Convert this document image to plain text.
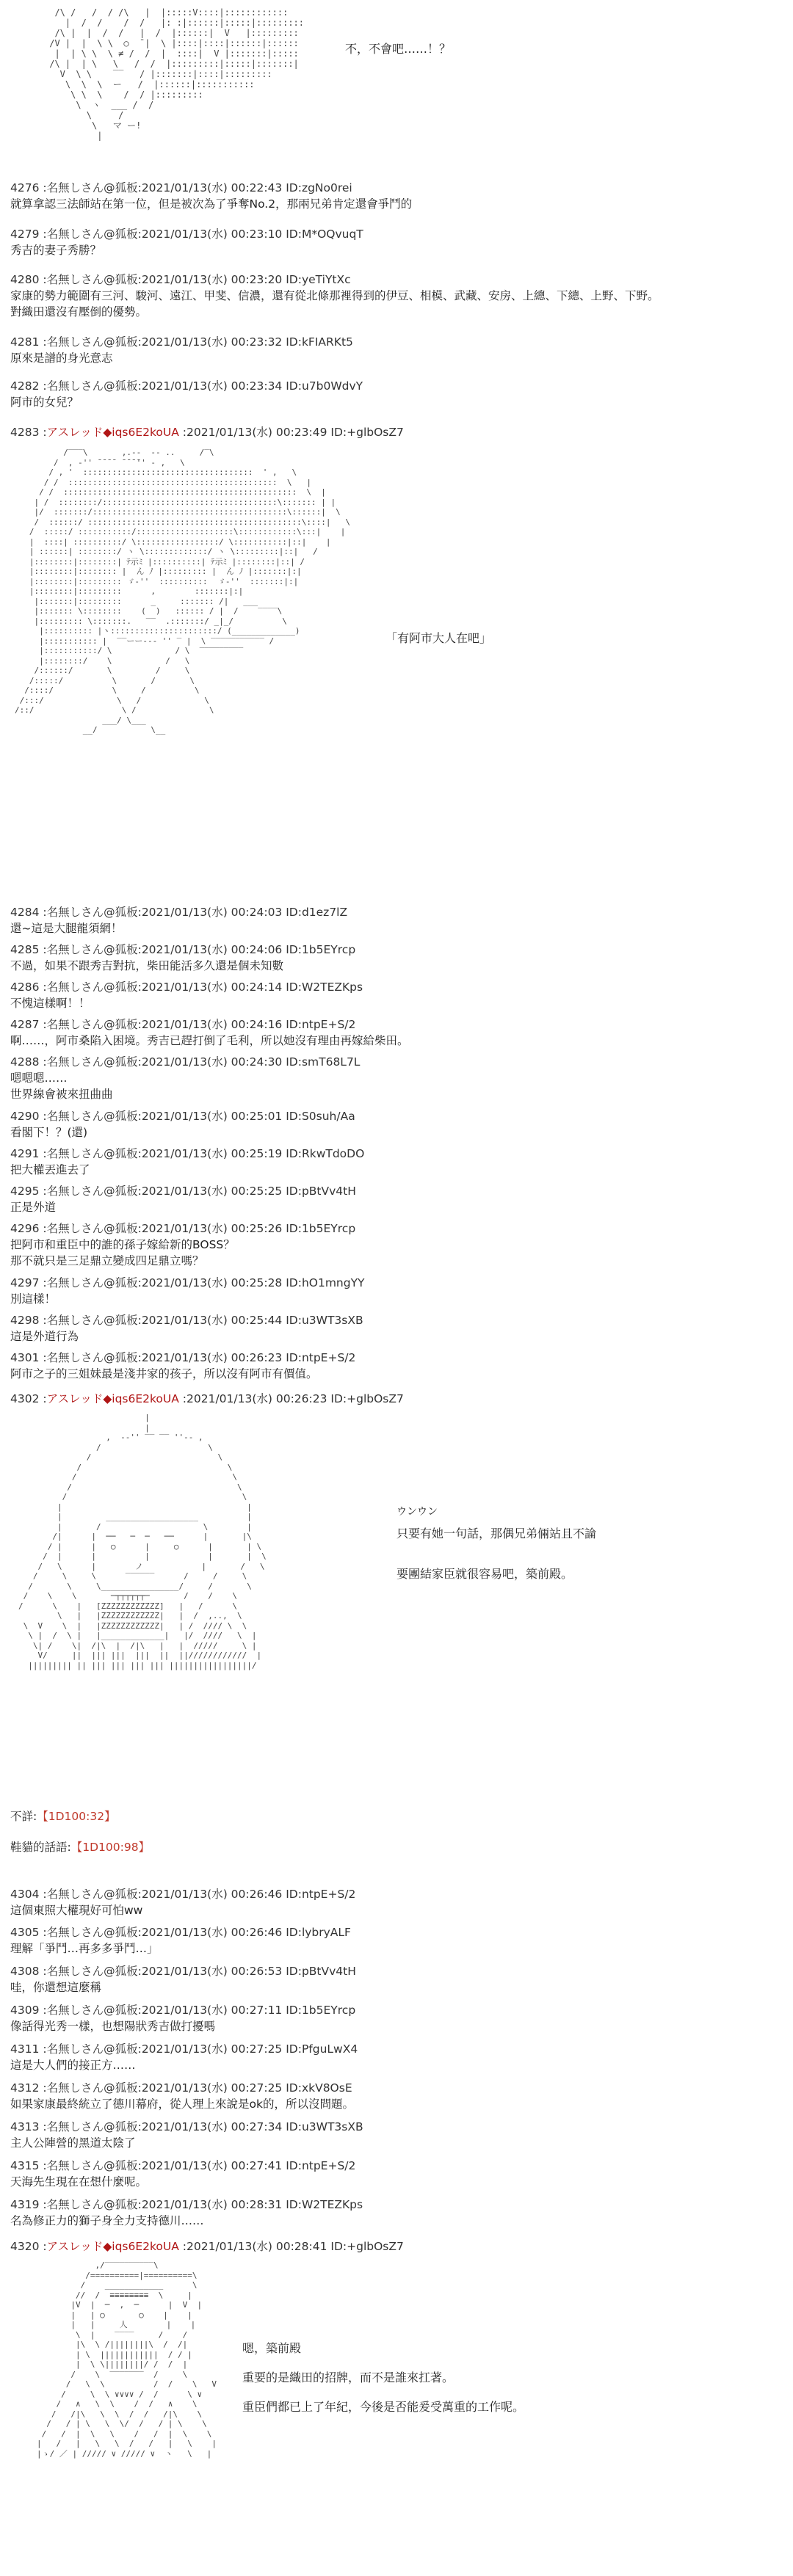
/\ /   /  / /\   |  |:::::V::::|::::::::::::
|  /  /    /  /   |: :|::::::|:::::|:::::::::
/\ |  |  /  /   |  /  |::::::|  V   |:::::::::
/V |  |  \ \  ○  ̄ |  \ |::::|::::|::::::|::::::
|  | \ \  \ ≠ /  /  |  ::::|  V |:::::::|:::::
/\ |  | \   \   /  /  |:::::::::|:::::|:::::::|
V  \ \    ‾‾   / |:::::::|::::|:::::::::
\  \  \  ー   /  |::::::|:::::::::::
\ \  \    /  / |:::::::::
\  ヽ  ___ /  /
\     /
\   マ ー!
|

不，不會吧……！？
4276 :名無しさん@狐板:2021/01/13(水) 00:22:43 ID:zgNo0rei
就算拿認三法師站在第一位，但是被次為了爭奪No.2，那兩兄弟肯定還會爭鬥的
4279 :名無しさん@狐板:2021/01/13(水) 00:23:10 ID:M*OQvuqT
秀吉的妻子秀勝？
4280 :名無しさん@狐板:2021/01/13(水) 00:23:20 ID:yeTiYtXc
家康的勢力範圍有三河、駿河、遠江、甲斐、信濃，還有從北條那裡得到的伊豆、相模、武藏、安房、上總、下總、上野、下野。
對織田還沒有壓倒的優勢。
4281 :名無しさん@狐板:2021/01/13(水) 00:23:32 ID:kFIARKt5
原來是譜的身光意志
4282 :名無しさん@狐板:2021/01/13(水) 00:23:34 ID:u7b0WdvY
阿市的女兒？
4283 :アスレッド◆iqs6E2koUA :2021/01/13(水) 00:23:49 ID:+glbOsZ7
/‾‾‾\       ,.-‐  ‐- ..     /‾\
/  , ‐'' ̄ ̄ ̄ ̄  ̄ ̄ ̄ ̄'' ‐ ,   \
/ , '  :::::::::::::::::::::::::::::::::::  ' ,   \
/ /  :::::::::::::::::::::::::::::::::::::::::::  \   |
/ /  ::::::::::::::::::::::::::::::::::::::::::::::::  \  |
| /  ::::::::/::::::::::::::::::::::::::::::::::::\::::::: | |
|/  :::::::/::::::::::::::::::::::::::::::::::::::::\::::::|  \
/  ::::::/ ::::::::::::::::::::::::::::::::::::::::::::\::::|   \
/  :::::/ :::::::::::/::::::::::::::::::::\::::::::::::\:::|    |
|  ::::| ::::::::::/ \:::::::::::::::::/ \:::::::::::|::|    |
| ::::::| ::::::::/ ヽ \:::::::::::::/ ヽ \:::::::::|::|   /
|::::::::|::::::::| ﾃ示ﾐ |::::::::::| ﾃ示ﾐ |::::::::|::| /
|::::::::|:::::::: |  ん ﾉ |::::::::: |  ん ﾉ |:::::::|:|
|::::::::|::::::::: ゞ-''  ::::::::::  ゞ-''  :::::::|:|
|::::::::|:::::::::      ,        :::::::|:|
|:::::::|:::::::::      _     ::::::: /|   ___
|::::::: \::::::::    (  )   :::::: / |  /    ‾‾‾‾\
|::::::::: \:::::::.   ‾‾  .:::::::/ _|_/          \
|:::::::::: |ヽ::::::::::::::::::::::/ (_____________)
|::::::::::: |  ‾‾ーー‐‐‐ '' ‾ |  \ ‾‾‾‾‾‾‾‾‾‾‾ /
|:::::::::::/ \             / \  ‾‾‾‾‾‾‾‾‾
|::::::::/    \           /   \
/::::::/       \         /     \
/:::::/          \       /       \
/::::/            \     /          \
/:::/               \   /             \
/::/                  \ /               \
___/ \___
__/           \__

「有阿市大人在吧」
4284 :名無しさん@狐板:2021/01/13(水) 00:24:03 ID:d1ez7lZ
還~這是大腿龍須網！
4285 :名無しさん@狐板:2021/01/13(水) 00:24:06 ID:1b5EYrcp
不過，如果不跟秀吉對抗，柴田能活多久還是個未知數
4286 :名無しさん@狐板:2021/01/13(水) 00:24:14 ID:W2TEZKps
不愧這樣啊！！
4287 :名無しさん@狐板:2021/01/13(水) 00:24:16 ID:ntpE+S/2
啊……，阿市桑陷入困境。秀吉已趕打倒了毛利，所以她沒有理由再嫁給柴田。
4288 :名無しさん@狐板:2021/01/13(水) 00:24:30 ID:smT68L7L
嗯嗯嗯……
世界線會被來扭曲曲
4290 :名無しさん@狐板:2021/01/13(水) 00:25:01 ID:S0suh/Aa
看閣下！？(還)
4291 :名無しさん@狐板:2021/01/13(水) 00:25:19 ID:RkwTdoDO
把大權丟進去了
4295 :名無しさん@狐板:2021/01/13(水) 00:25:25 ID:pBtVv4tH
正是外道
4296 :名無しさん@狐板:2021/01/13(水) 00:25:26 ID:1b5EYrcp
把阿市和重臣中的誰的孫子嫁給新的BOSS？
那不就只是三足鼎立變成四足鼎立嗎？
4297 :名無しさん@狐板:2021/01/13(水) 00:25:28 ID:hO1mngYY
別這樣！
4298 :名無しさん@狐板:2021/01/13(水) 00:25:44 ID:u3WT3sXB
這是外道行為
4301 :名無しさん@狐板:2021/01/13(水) 00:26:23 ID:ntpE+S/2
阿市之子的三姐妹最是淺井家的孩子，所以沒有阿市有價值。
4302 :アスレッド◆iqs6E2koUA :2021/01/13(水) 00:26:23 ID:+glbOsZ7
|
|
,  -‐'' ‾‾ ‾‾ ''‐- ,
/                      \
/                          \
/                              \
/                                \
/                                  \
/                                    \
|                                      |
|         ___________________          |
|       /                     \        |
/|      |  ──   ─  ─   ──      |       |\
/ |      |   ○      |     ○      |       | \
/  |      |          |            |       |  \
/   \      |        ノ            |       /   \
/     \     \      ‾‾‾‾‾‾      /     /     \
/       \     \________________/     /       \
/    \    \       ─┬┬┬┬┬┬─       /    /    \
/      \    |   [ZZZZZZZZZZZZ]   |   /      \
\   |   |ZZZZZZZZZZZZ|   |  /  ,..,  \
\  V    \  |   |ZZZZZZZZZZZZ|   | /  //// \  \
\ |  /  \ |   |_____________|   |/  ////   \  |
\| /    \|  /|\  |  /|\   |   |  /////     \ |
V/     ||  ||| |||  |||  ||  ||////////////  |
||||||||| || ||| ||| ||| ||| |||||||||||||||||/

ウンウン
只要有她一句話，那偶兄弟倆站且不論
要團結家臣就很容易吧，築前殿。
不詳:【1D100:32】
鞋貓的話語:【1D100:98】
4304 :名無しさん@狐板:2021/01/13(水) 00:26:46 ID:ntpE+S/2
這個東照大權現好可怕ww
4305 :名無しさん@狐板:2021/01/13(水) 00:26:46 ID:lybryALF
理解「爭鬥…再多多爭鬥…」
4308 :名無しさん@狐板:2021/01/13(水) 00:26:53 ID:pBtVv4tH
哇，你還想這麼稱
4309 :名無しさん@狐板:2021/01/13(水) 00:27:11 ID:1b5EYrcp
像話得光秀一樣，也想陽狀秀吉做打擾嗎
4311 :名無しさん@狐板:2021/01/13(水) 00:27:25 ID:PfguLwX4
這是大人們的接正方……
4312 :名無しさん@狐板:2021/01/13(水) 00:27:25 ID:xkV8OsE
如果家康最終統立了德川幕府，從人理上來說是ok的，所以沒問題。
4313 :名無しさん@狐板:2021/01/13(水) 00:27:34 ID:u3WT3sXB
主人公陣營的黑道太陰了
4315 :名無しさん@狐板:2021/01/13(水) 00:27:41 ID:ntpE+S/2
天海先生現在在想什麼呢。
4319 :名無しさん@狐板:2021/01/13(水) 00:28:31 ID:W2TEZKps
名為修正力的獅子身全力支持德川……
4320 :アスレッド◆iqs6E2koUA :2021/01/13(水) 00:28:41 ID:+glbOsZ7
,/‾‾‾‾‾‾‾‾‾‾\
/==========|==========\
/    ____________      \
//  /  ≡≡≡≡≡≡≡≡  \     |
|V  |  ─  ,  ─      |  V  |
|   | ○       ○    |    |
|   |     人        |    |
\  |    ‾‾‾‾     /    /
|\  \ /||||||||\  /  /|
| \  ||||||||||||  / / |
|  \ \||||||||/ /  /  |
/    \  ‾‾‾‾‾‾‾  /     \
/   \  \          /  /    \   V
/     \  \ ∨∨∨∨ /  /      \ ∨
/   ∧   \  \    /  /   ∧    \
/   /|\   \  \  /  /   /|\    \
/   / | \   \  \/  /   / | \    \
/   /  |  \   \    /   /  |  \    \
|   /   |   \   \  /   /   |   \    |
|ゝ/ ／ | ///// ∨ ///// ∨  ヽ   \   |

嗯，築前殿
重要的是織田的招牌，而不是誰來扛著。
重臣們都已上了年紀，今後是否能爰受萬重的工作呢。
